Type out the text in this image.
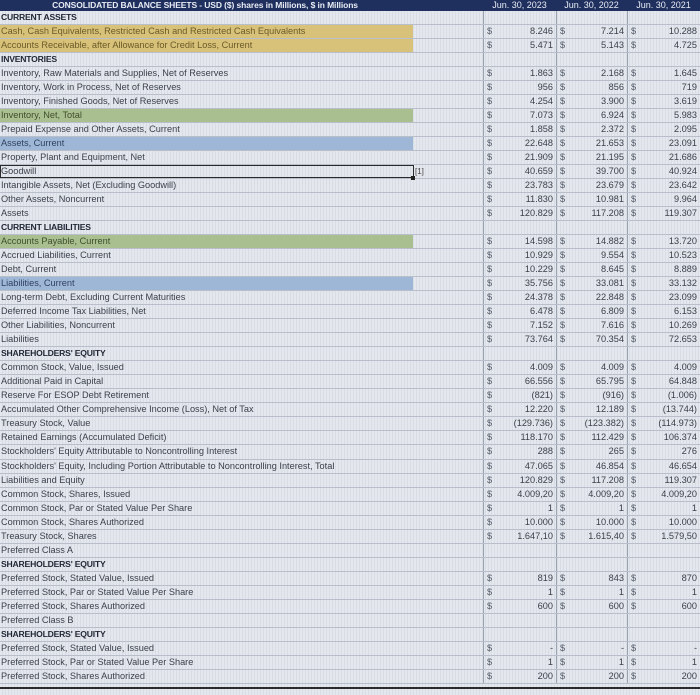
CONSOLIDATED BALANCE SHEETS - USD ($) shares in Millions, $ in Millions	Jun. 30, 2023	Jun. 30, 2022	Jun. 30, 2021
CURRENT ASSETS
Cash, Cash Equivalents, Restricted Cash and Restricted Cash Equivalents	$	8.246 $	7.214 $	10.288
Accounts Receivable, after Allowance for Credit Loss, Current	$	5.471 $	5.143 $	4.725
INVENTORIES
Inventory, Raw Materials and Supplies, Net of Reserves	$	1.863 $	2.168 $	1.645
Inventory, Work in Process, Net of Reserves	$	956 $	856 $	719
Inventory, Finished Goods, Net of Reserves	$	4.254 $	3.900 $	3.619
Inventory, Net, Total	$	7.073 $	6.924 $	5.983
Prepaid Expense and Other Assets, Current	$	1.858 $	2.372 $	2.095
Assets, Current	$	22.648 $	21.653 $	23.091
Property, Plant and Equipment, Net	$	21.909 $	21.195 $	21.686
Goodwill	[1]	$	40.659 $	39.700 $	40.924
Intangible Assets, Net (Excluding Goodwill)	$	23.783 $	23.679 $	23.642
Other Assets, Noncurrent	$	11.830 $	10.981 $	9.964
Assets	$	120.829 $	117.208 $	119.307
CURRENT LIABILITIES
Accounts Payable, Current	$	14.598 $	14.882 $	13.720
Accrued Liabilities, Current	$	10.929 $	9.554 $	10.523
Debt, Current	$	10.229 $	8.645 $	8.889
Liabilities, Current	$	35.756 $	33.081 $	33.132
Long-term Debt, Excluding Current Maturities	$	24.378 $	22.848 $	23.099
Deferred Income Tax Liabilities, Net	$	6.478 $	6.809 $	6.153
Other Liabilities, Noncurrent	$	7.152 $	7.616 $	10.269
Liabilities	$	73.764 $	70.354 $	72.653
SHAREHOLDERS' EQUITY
Common Stock, Value, Issued	$	4.009 $	4.009 $	4.009
Additional Paid in Capital	$	66.556 $	65.795 $	64.848
Reserve For ESOP Debt Retirement	$	(821) $	(916) $	(1.006)
Accumulated Other Comprehensive Income (Loss), Net of Tax	$	12.220 $	12.189 $	(13.744)
Treasury Stock, Value	$ (129.736) $ (123.382) $ (114.973)
Retained Earnings (Accumulated Deficit)	$	118.170 $	112.429 $	106.374
Stockholders' Equity Attributable to Noncontrolling Interest	$	288 $	265 $	276
Stockholders' Equity, Including Portion Attributable to Noncontrolling Interest, Total	$	47.065 $	46.854 $	46.654
Liabilities and Equity	$	120.829 $	117.208 $	119.307
Common Stock, Shares, Issued	$	4.009,20 $	4.009,20 $	4.009,20
Common Stock, Par or Stated Value Per Share	$	1 $	1 $	1
Common Stock, Shares Authorized	$	10.000 $	10.000 $	10.000
Treasury Stock, Shares	$	1.647,10 $	1.615,40 $	1.579,50
Preferred Class A
SHAREHOLDERS' EQUITY
Preferred Stock, Stated Value, Issued	$	819 $	843 $	870
Preferred Stock, Par or Stated Value Per Share	$	1 $	1 $	1
Preferred Stock, Shares Authorized	$	600 $	600 $	600
Preferred Class B
SHAREHOLDERS' EQUITY
Preferred Stock, Stated Value, Issued	$	- $	- $	-
Preferred Stock, Par or Stated Value Per Share	$	1 $	1 $	1
Preferred Stock, Shares Authorized	$	200 $	200 $	200
